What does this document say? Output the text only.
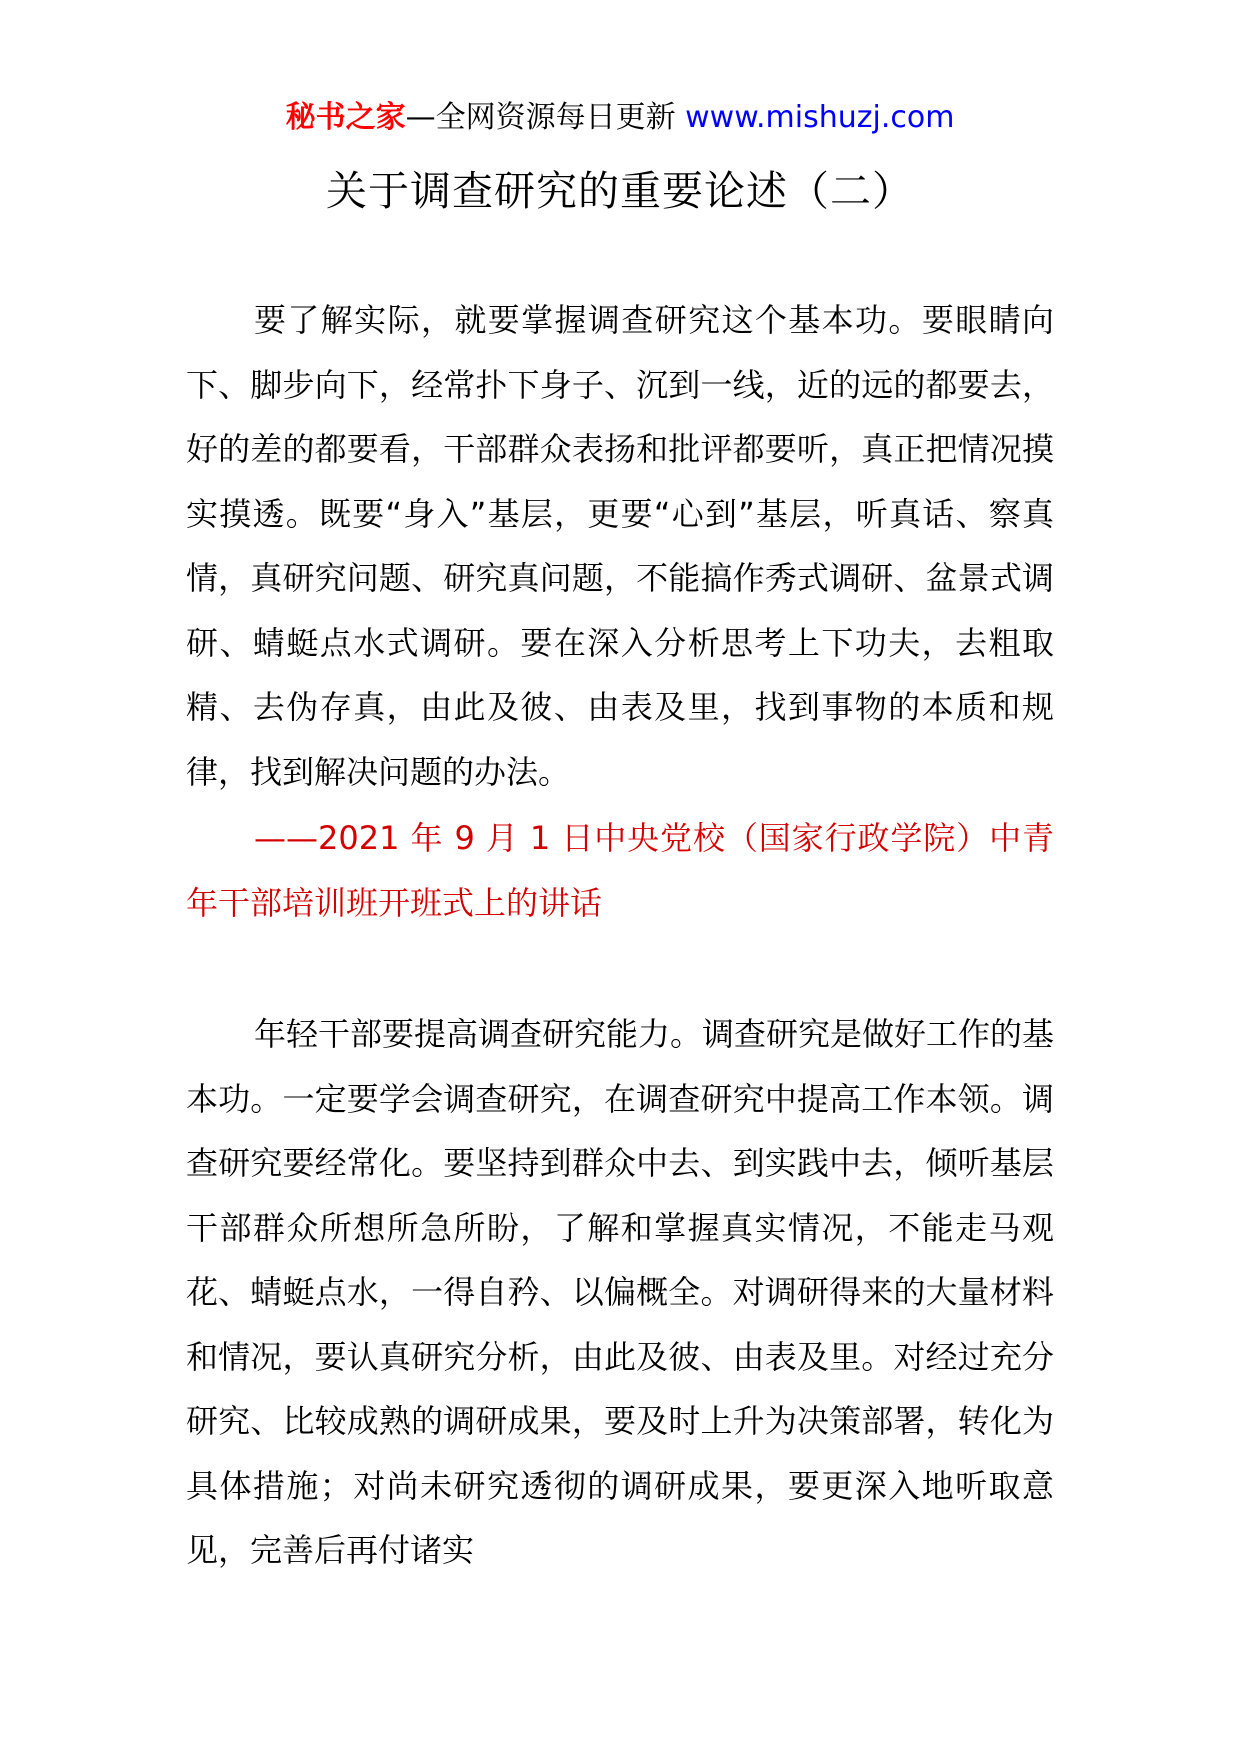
秘书之家—全网资源每日更新 www.mishuzj.com
关于调查研究的重要论述（二）

要了解实际，就要掌握调查研究这个基本功。要眼睛向下、脚步向下，经常扑下身子、沉到一线，近的远的都要去，好的差的都要看，干部群众表扬和批评都要听，真正把情况摸实摸透。既要“身入”基层，更要“心到”基层，听真话、察真情，真研究问题、研究真问题，不能搞作秀式调研、盆景式调研、蜻蜓点水式调研。要在深入分析思考上下功夫，去粗取精、去伪存真，由此及彼、由表及里，找到事物的本质和规律，找到解决问题的办法。

——2021 年 9 月 1 日中央党校（国家行政学院）中青年干部培训班开班式上的讲话

年轻干部要提高调查研究能力。调查研究是做好工作的基本功。一定要学会调查研究，在调查研究中提高工作本领。调查研究要经常化。要坚持到群众中去、到实践中去，倾听基层干部群众所想所急所盼，了解和掌握真实情况，不能走马观花、蜻蜓点水，一得自矜、以偏概全。对调研得来的大量材料和情况，要认真研究分析，由此及彼、由表及里。对经过充分研究、比较成熟的调研成果，要及时上升为决策部署，转化为具体措施；对尚未研究透彻的调研成果，要更深入地听取意见，完善后再付诸实
